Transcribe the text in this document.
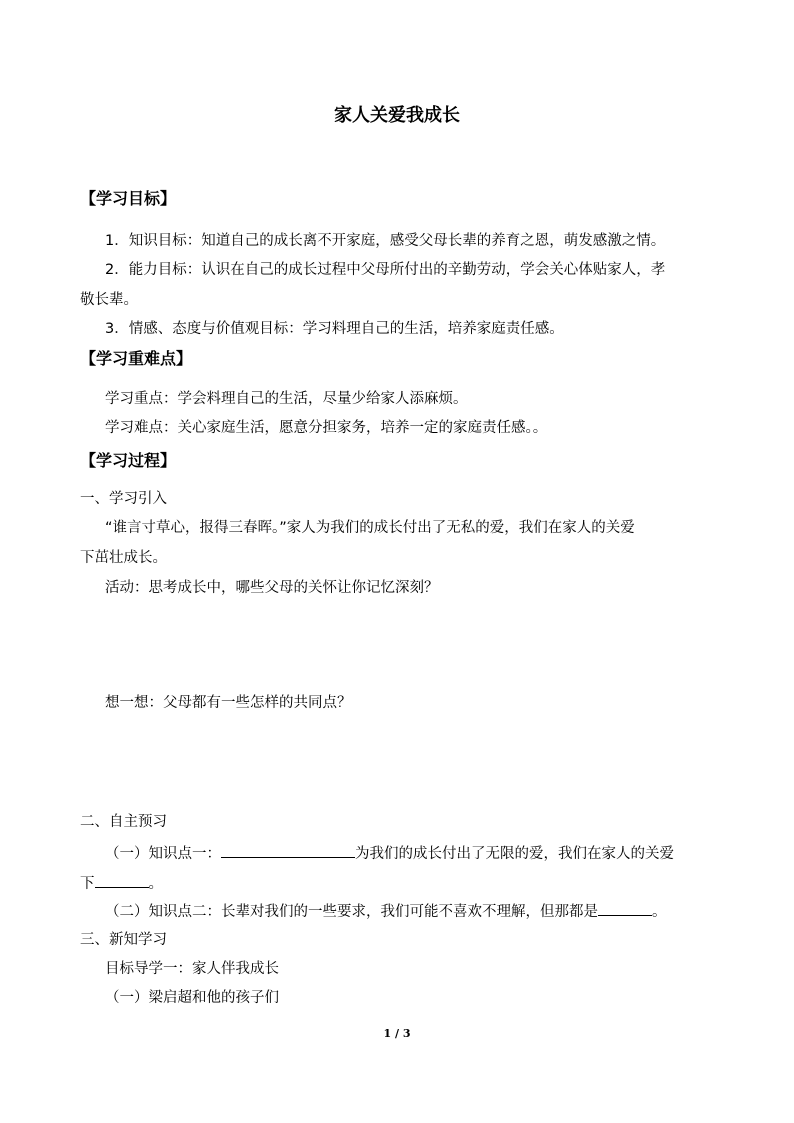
家人关爱我成长
【学习目标】
1．知识目标：知道自己的成长离不开家庭，感受父母长辈的养育之恩，萌发感激之情。
2．能力目标：认识在自己的成长过程中父母所付出的辛勤劳动，学会关心体贴家人，孝
敬长辈。
3．情感、态度与价值观目标：学习料理自己的生活，培养家庭责任感。
【学习重难点】
学习重点：学会料理自己的生活，尽量少给家人添麻烦。
学习难点：关心家庭生活，愿意分担家务，培养一定的家庭责任感。。
【学习过程】
一、学习引入
“谁言寸草心，报得三春晖。”家人为我们的成长付出了无私的爱，我们在家人的关爱
下茁壮成长。
活动：思考成长中，哪些父母的关怀让你记忆深刻？
想一想：父母都有一些怎样的共同点？
二、自主预习
（一）知识点一：	为我们的成长付出了无限的爱，我们在家人的关爱
下	。
（二）知识点二：长辈对我们的一些要求，我们可能不喜欢不理解，但那都是	。
三、新知学习
目标导学一：家人伴我成长
（一）梁启超和他的孩子们
1 / 3
